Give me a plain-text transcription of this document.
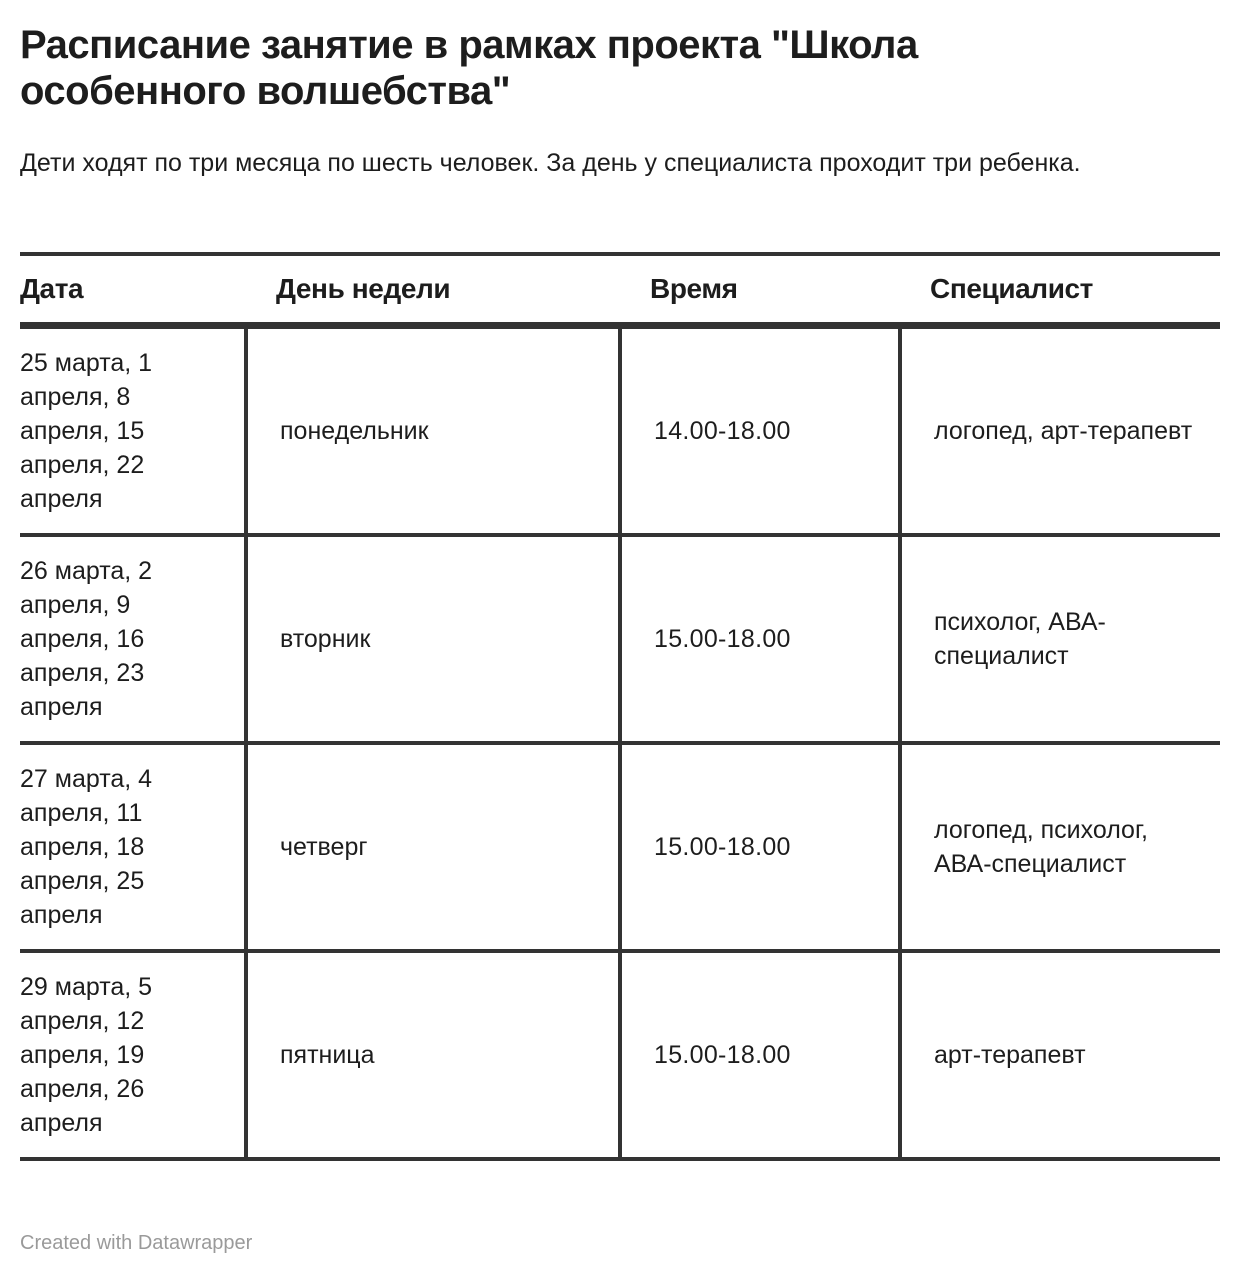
Расписание занятие в рамках проекта "Школа особенного волшебства"

Дети ходят по три месяца по шесть человек. За день у специалиста проходит три ребенка.

Дата	День недели	Время	Специалист
25 марта, 1 апреля, 8 апреля, 15 апреля, 22 апреля	понедельник	14.00-18.00	логопед, арт-терапевт
26 марта, 2 апреля, 9 апреля, 16 апреля, 23 апреля	вторник	15.00-18.00	психолог, АВА-специалист
27 марта, 4 апреля, 11 апреля, 18 апреля, 25 апреля	четверг	15.00-18.00	логопед, психолог, АВА-специалист
29 марта, 5 апреля, 12 апреля, 19 апреля, 26 апреля	пятница	15.00-18.00	арт-терапевт
Created with Datawrapper
